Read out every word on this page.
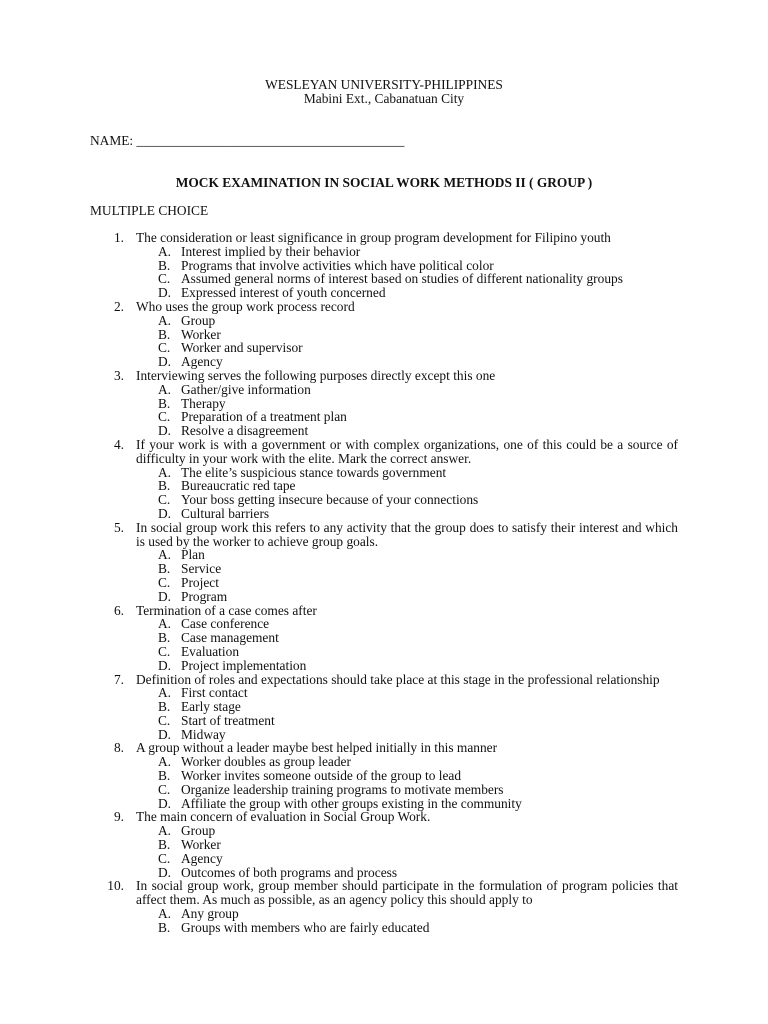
WESLEYAN UNIVERSITY-PHILIPPINES
Mabini Ext., Cabanatuan City
NAME: ________________________________________
MOCK EXAMINATION IN SOCIAL WORK METHODS II ( GROUP )
MULTIPLE CHOICE
1. The consideration or least significance in group program development for Filipino youth
A. Interest implied by their behavior
B. Programs that involve activities which have political color
C. Assumed general norms of interest based on studies of different nationality groups
D. Expressed interest of youth concerned
2. Who uses the group work process record
A. Group
B. Worker
C. Worker and supervisor
D. Agency
3. Interviewing serves the following purposes directly except this one
A. Gather/give information
B. Therapy
C. Preparation of a treatment plan
D. Resolve a disagreement
4. If your work is with a government or with complex organizations, one of this could be a source of difficulty in your work with the elite. Mark the correct answer.
A. The elite’s suspicious stance towards government
B. Bureaucratic red tape
C. Your boss getting insecure because of your connections
D. Cultural barriers
5. In social group work this refers to any activity that the group does to satisfy their interest and which is used by the worker to achieve group goals.
A. Plan
B. Service
C. Project
D. Program
6. Termination of a case comes after
A. Case conference
B. Case management
C. Evaluation
D. Project implementation
7. Definition of roles and expectations should take place at this stage in the professional relationship
A. First contact
B. Early stage
C. Start of treatment
D. Midway
8. A group without a leader maybe best helped initially in this manner
A. Worker doubles as group leader
B. Worker invites someone outside of the group to lead
C. Organize leadership training programs to motivate members
D. Affiliate the group with other groups existing in the community
9. The main concern of evaluation in Social Group Work.
A. Group
B. Worker
C. Agency
D. Outcomes of both programs and process
10. In social group work, group member should participate in the formulation of program policies that affect them. As much as possible, as an agency policy this should apply to
A. Any group
B. Groups with members who are fairly educated
